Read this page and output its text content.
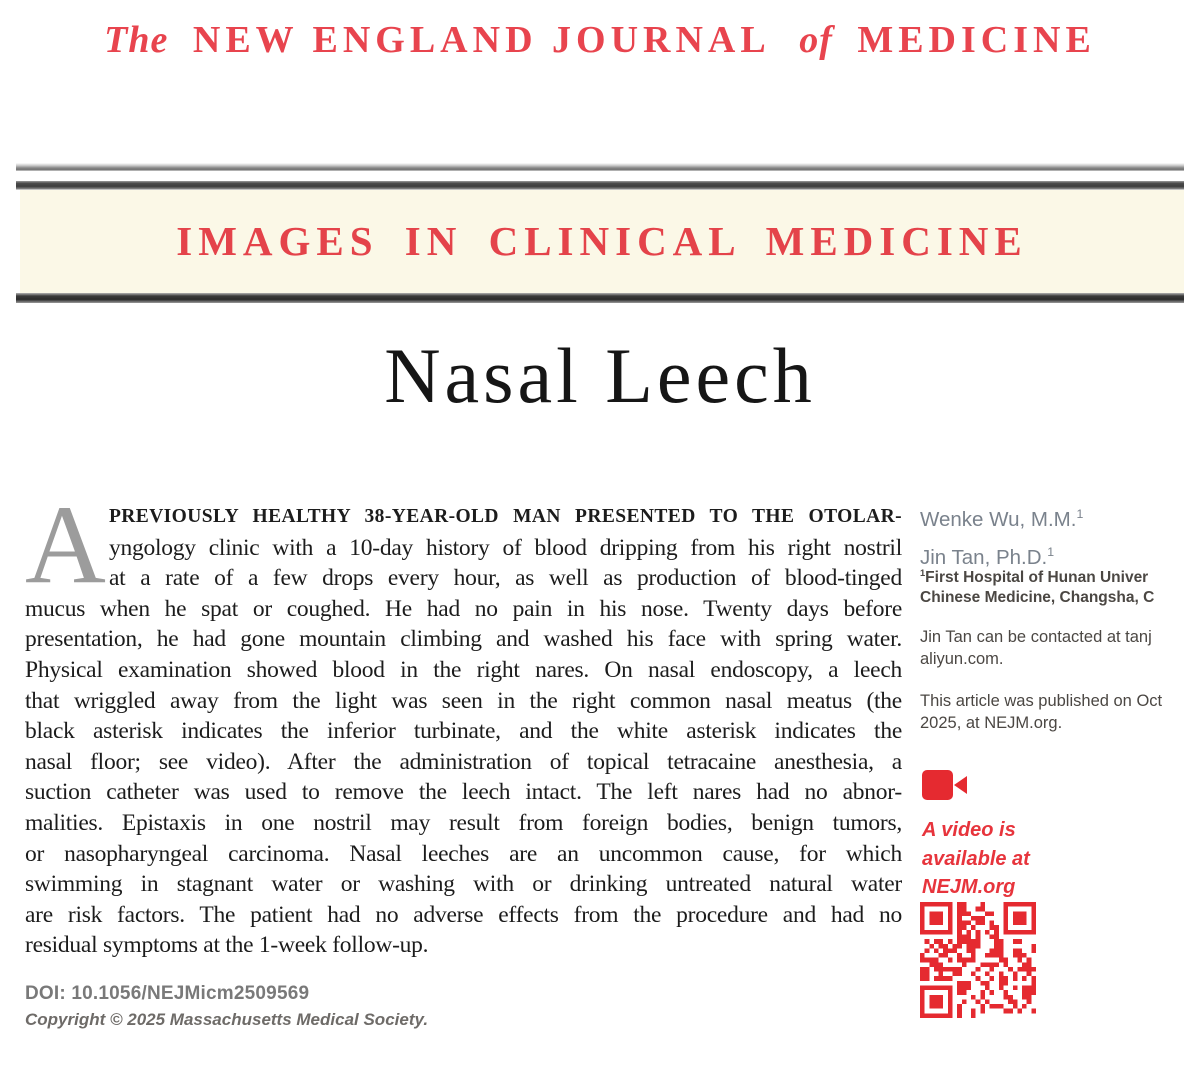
The NEW ENGLAND JOURNAL of MEDICINE
IMAGES IN CLINICAL MEDICINE
Nasal Leech
A PREVIOUSLY HEALTHY 38-YEAR-OLD MAN PRESENTED TO THE OTOLAR-
yngology clinic with a 10-day history of blood dripping from his right nostril
at a rate of a few drops every hour, as well as production of blood-tinged
mucus when he spat or coughed. He had no pain in his nose. Twenty days before
presentation, he had gone mountain climbing and washed his face with spring water.
Physical examination showed blood in the right nares. On nasal endoscopy, a leech
that wriggled away from the light was seen in the right common nasal meatus (the
black asterisk indicates the inferior turbinate, and the white asterisk indicates the
nasal floor; see video). After the administration of topical tetracaine anesthesia, a
suction catheter was used to remove the leech intact. The left nares had no abnor-
malities. Epistaxis in one nostril may result from foreign bodies, benign tumors,
or nasopharyngeal carcinoma. Nasal leeches are an uncommon cause, for which
swimming in stagnant water or washing with or drinking untreated natural water
are risk factors. The patient had no adverse effects from the procedure and had no
residual symptoms at the 1-week follow-up.
DOI: 10.1056/NEJMicm2509569
Copyright © 2025 Massachusetts Medical Society.
Wenke Wu, M.M.$^1$
Jin Tan, Ph.D.$^1$
$^1$First Hospital of Hunan Univer
Chinese Medicine, Changsha, C
Jin Tan can be contacted at tanj
aliyun.com.
This article was published on Oct
2025, at NEJM.org.
A video is
available at
NEJM.org
